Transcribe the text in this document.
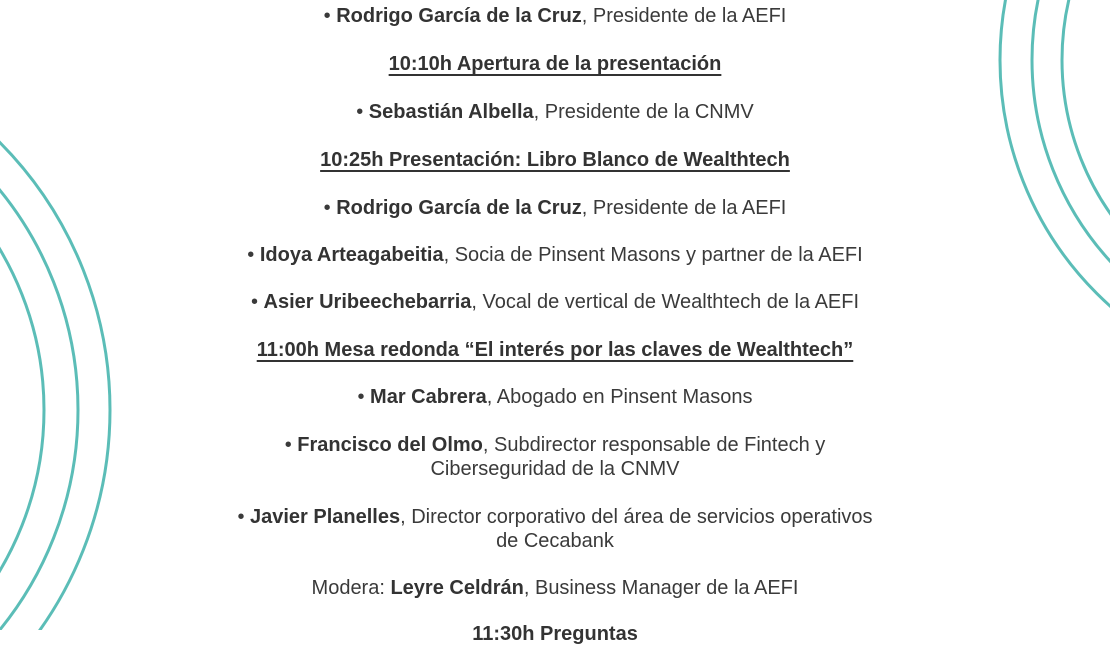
• Rodrigo García de la Cruz, Presidente de la AEFI
10:10h Apertura de la presentación
• Sebastián Albella, Presidente de la CNMV
10:25h Presentación: Libro Blanco de Wealthtech
• Rodrigo García de la Cruz, Presidente de la AEFI
• Idoya Arteagabeitia, Socia de Pinsent Masons y partner de la AEFI
• Asier Uribeechebarria, Vocal de vertical de Wealthtech de la AEFI
11:00h Mesa redonda “El interés por las claves de Wealthtech”
• Mar Cabrera, Abogado en Pinsent Masons
• Francisco del Olmo, Subdirector responsable de Fintech y
Ciberseguridad de la CNMV
• Javier Planelles, Director corporativo del área de servicios operativos
de Cecabank
Modera: Leyre Celdrán, Business Manager de la AEFI
11:30h Preguntas
